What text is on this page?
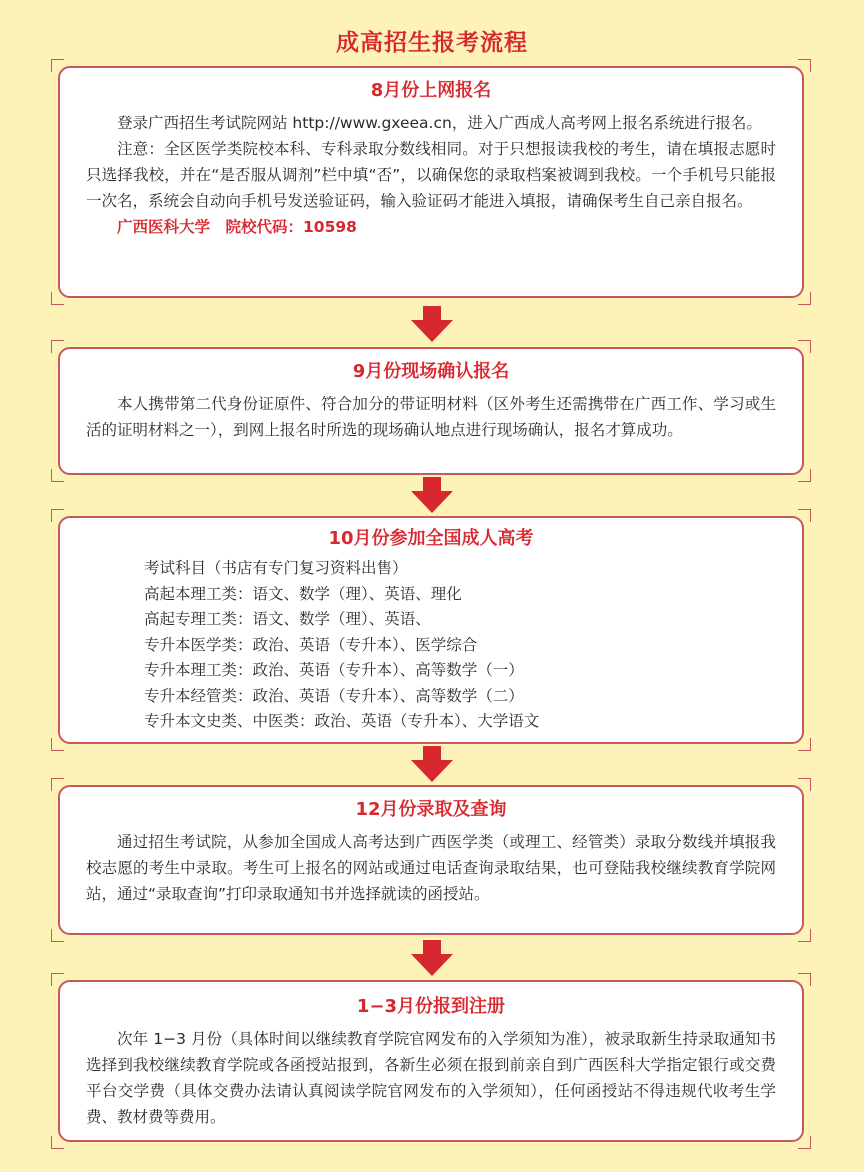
成高招生报考流程
8月份上网报名

登录广西招生考试院网站 http://www.gxeea.cn，进入广西成人高考网上报名系统进行报名。

注意：全区医学类院校本科、专科录取分数线相同。对于只想报读我校的考生，请在填报志愿时只选择我校，并在“是否服从调剂”栏中填“否”，以确保您的录取档案被调到我校。一个手机号只能报一次名，系统会自动向手机号发送验证码，输入验证码才能进入填报，请确保考生自己亲自报名。

广西医科大学　院校代码：10598

9月份现场确认报名

本人携带第二代身份证原件、符合加分的带证明材料（区外考生还需携带在广西工作、学习或生活的证明材料之一），到网上报名时所选的现场确认地点进行现场确认，报名才算成功。

10月份参加全国成人高考

考试科目（书店有专门复习资料出售）

高起本理工类：语文、数学（理）、英语、理化

高起专理工类：语文、数学（理）、英语、

专升本医学类：政治、英语（专升本）、医学综合

专升本理工类：政治、英语（专升本）、高等数学（一）

专升本经管类：政治、英语（专升本）、高等数学（二）

专升本文史类、中医类：政治、英语（专升本）、大学语文

12月份录取及查询

通过招生考试院，从参加全国成人高考达到广西医学类（或理工、经管类）录取分数线并填报我校志愿的考生中录取。考生可上报名的网站或通过电话查询录取结果，也可登陆我校继续教育学院网站，通过“录取查询”打印录取通知书并选择就读的函授站。

1−3月份报到注册

次年 1−3 月份（具体时间以继续教育学院官网发布的入学须知为准），被录取新生持录取通知书选择到我校继续教育学院或各函授站报到，各新生必须在报到前亲自到广西医科大学指定银行或交费平台交学费（具体交费办法请认真阅读学院官网发布的入学须知），任何函授站不得违规代收考生学费、教材费等费用。
